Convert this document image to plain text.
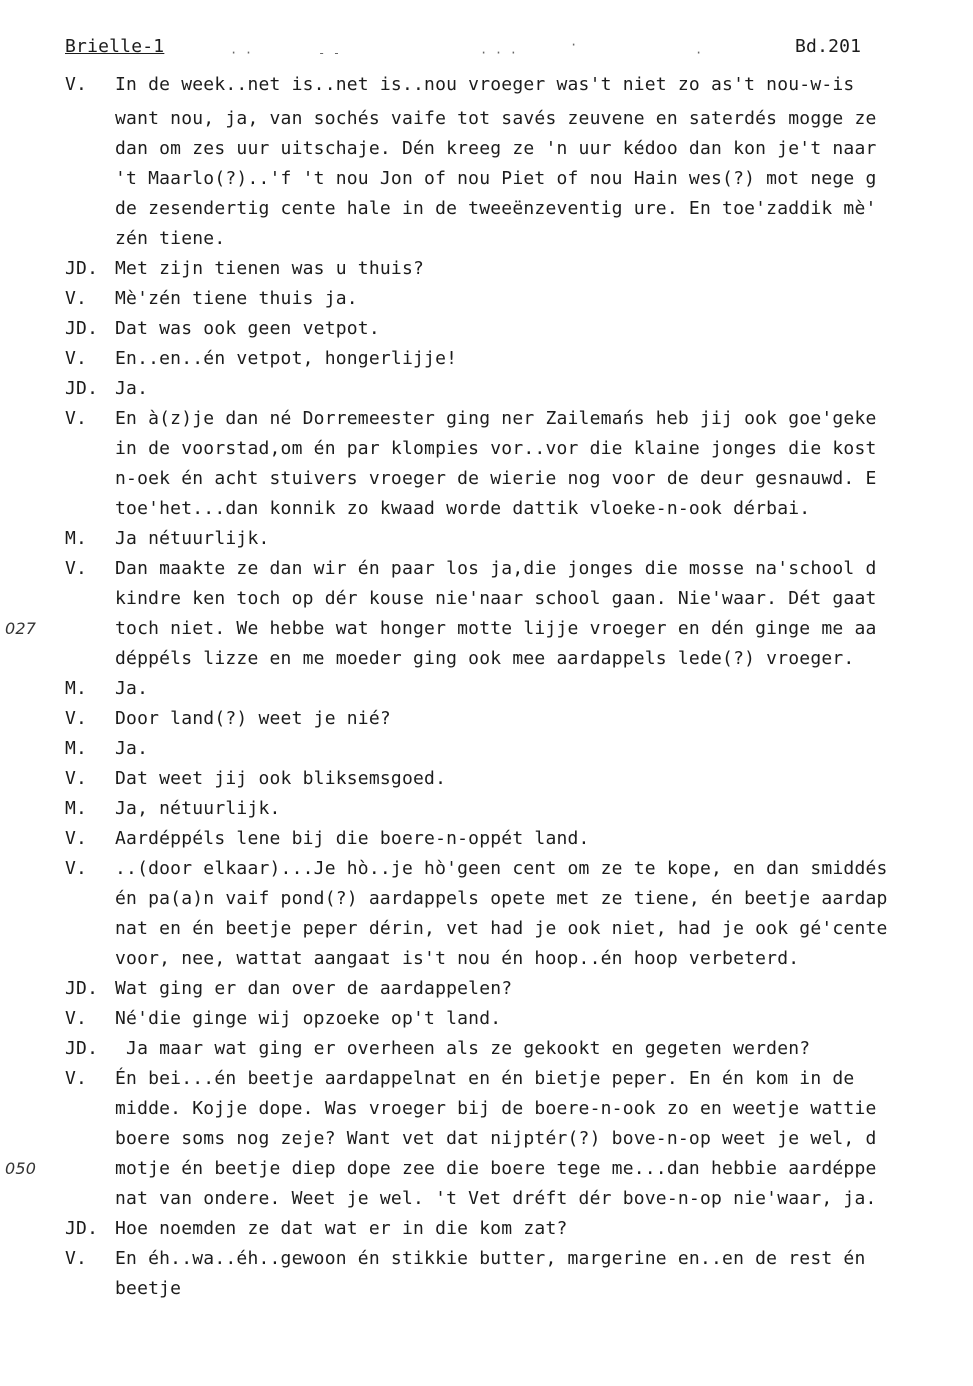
Brielle-1	· ·	- -	· · ·
·
·	Bd.201
V.	In de week..net is..net is..nou vroeger was't niet zo as't nou-w-is
want nou, ja, van sochés vaife tot savés zeuvene en saterdés mogge ze
dan om zes uur uitschaje. Dén kreeg ze 'n uur kédoo dan kon je't naar
't Maarlo(?)..'f 't nou Jon of nou Piet of nou Hain wes(?) mot nege g
de zesendertig cente hale in de tweeënzeventig ure. En toe'zaddik mè'
zén tiene.
JD. Met zijn tienen was u thuis?
V.	Mè'zén tiene thuis ja.
JD. Dat was ook geen vetpot.
V.	En..en..én vetpot, hongerlijje!
JD. Ja.
V.	En à(z)je dan né Dorremeester ging ner Zailemańs heb jij ook goe'geke
in de voorstad,om én par klompies vor..vor die klaine jonges die kost
n-oek én acht stuivers vroeger de wierie nog voor de deur gesnauwd. E
toe'het...dan konnik zo kwaad worde dattik vloeke-n-ook dérbai.
M.	Ja nétuurlijk.
V.	Dan maakte ze dan wir én paar los ja,die jonges die mosse na'school d
kindre ken toch op dér kouse nie'naar school gaan. Nie'waar. Dét gaat
toch niet. We hebbe wat honger motte lijje vroeger en dén ginge me aa
déppéls lizze en me moeder ging ook mee aardappels lede(?) vroeger.
027
M.	Ja.
V.	Door land(?) weet je nié?
M.	Ja.
V.	Dat weet jij ook bliksemsgoed.
M.	Ja, nétuurlijk.
V.	Aardéppéls lene bij die boere-n-oppét land.
V.	..(door elkaar)...Je hò..je hò'geen cent om ze te kope, en dan smiddés
én pa(a)n vaif pond(?) aardappels opete met ze tiene, én beetje aardap
nat en én beetje peper dérin, vet had je ook niet, had je ook gé'cente
voor, nee, wattat aangaat is't nou én hoop..én hoop verbeterd.
JD. Wat ging er dan over de aardappelen?
V.	Né'die ginge wij opzoeke op't land.
JD. Ja maar wat ging er overheen als ze gekookt en gegeten werden?
V.	Én bei...én beetje aardappelnat en én bietje peper. En én kom in de
midde. Kojje dope. Was vroeger bij de boere-n-ook zo en weetje wattie
boere soms nog zeje? Want vet dat nijptér(?) bove-n-op weet je wel, d
motje én beetje diep dope zee die boere tege me...dan hebbie aardéppe
nat van ondere. Weet je wel. 't Vet dréft dér bove-n-op nie'waar, ja.
050
JD. Hoe noemden ze dat wat er in die kom zat?
V.	En éh..wa..éh..gewoon én stikkie butter, margerine en..en de rest én
beetje
